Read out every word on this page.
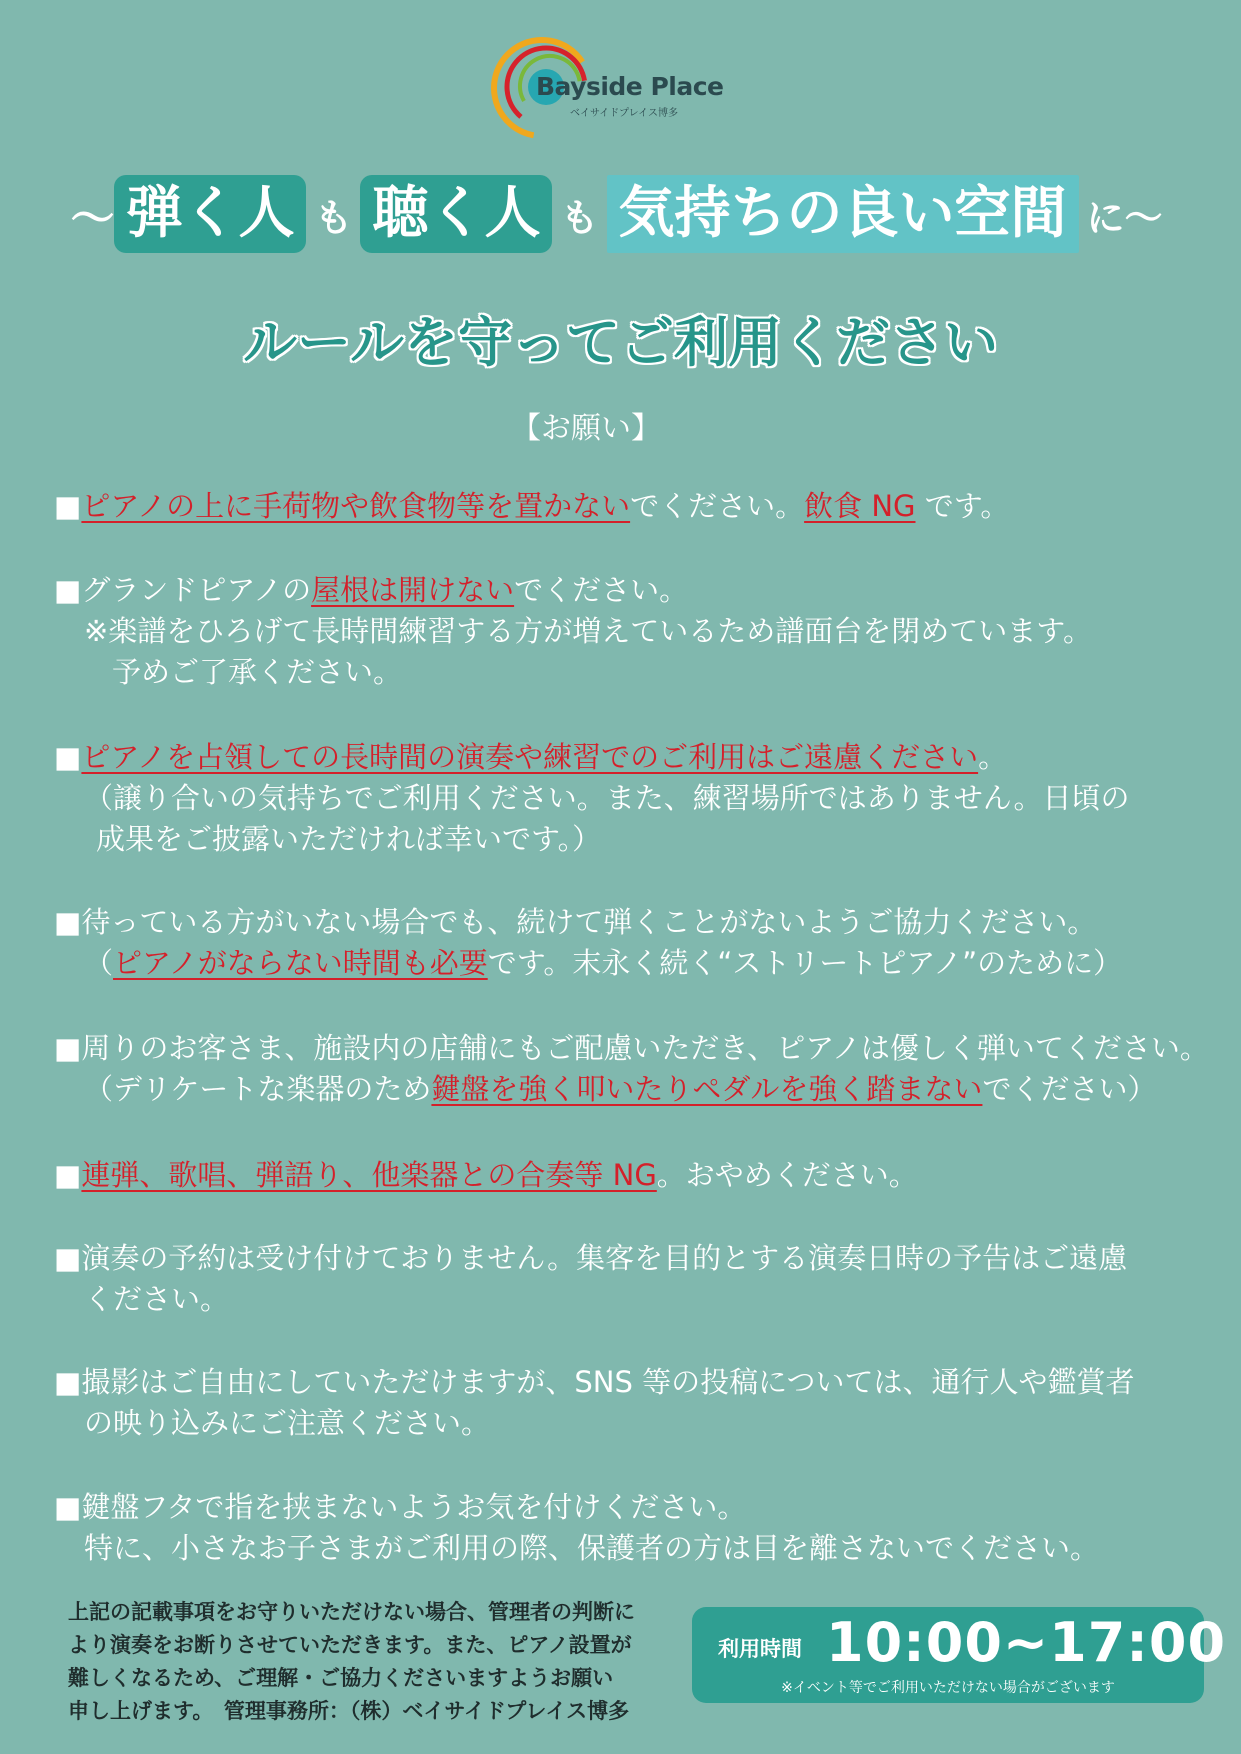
Bayside Place
ベイサイドプレイス博多
～ 弾く人 も 聴く人 も 気持ちの良い空間 に～
ルールを守ってご利用ください
【お願い】
■ピアノの上に手荷物や飲食物等を置かないでください。飲食 NG です。
■グランドピアノの屋根は開けないでください。
※楽譜をひろげて長時間練習する方が増えているため譜面台を閉めています。
予めご了承ください。
■ピアノを占領しての長時間の演奏や練習でのご利用はご遠慮ください。
（譲り合いの気持ちでご利用ください。また、練習場所ではありません。日頃の
成果をご披露いただければ幸いです。）
■待っている方がいない場合でも、続けて弾くことがないようご協力ください。
（ピアノがならない時間も必要です。末永く続く“ストリートピアノ”のために）
■周りのお客さま、施設内の店舗にもご配慮いただき、ピアノは優しく弾いてください。
（デリケートな楽器のため鍵盤を強く叩いたりペダルを強く踏まないでください）
■連弾、歌唱、弾語り、他楽器との合奏等 NG。おやめください。
■演奏の予約は受け付けておりません。集客を目的とする演奏日時の予告はご遠慮
ください。
■撮影はご自由にしていただけますが、SNS 等の投稿については、通行人や鑑賞者
の映り込みにご注意ください。
■鍵盤フタで指を挟まないようお気を付けください。
特に、小さなお子さまがご利用の際、保護者の方は目を離さないでください。
上記の記載事項をお守りいただけない場合、管理者の判断に
より演奏をお断りさせていただきます。また、ピアノ設置が
難しくなるため、ご理解・ご協力くださいますようお願い
申し上げます。　管理事務所：（株）ベイサイドプレイス博多
利用時間 10:00~17:00
※イベント等でご利用いただけない場合がございます
